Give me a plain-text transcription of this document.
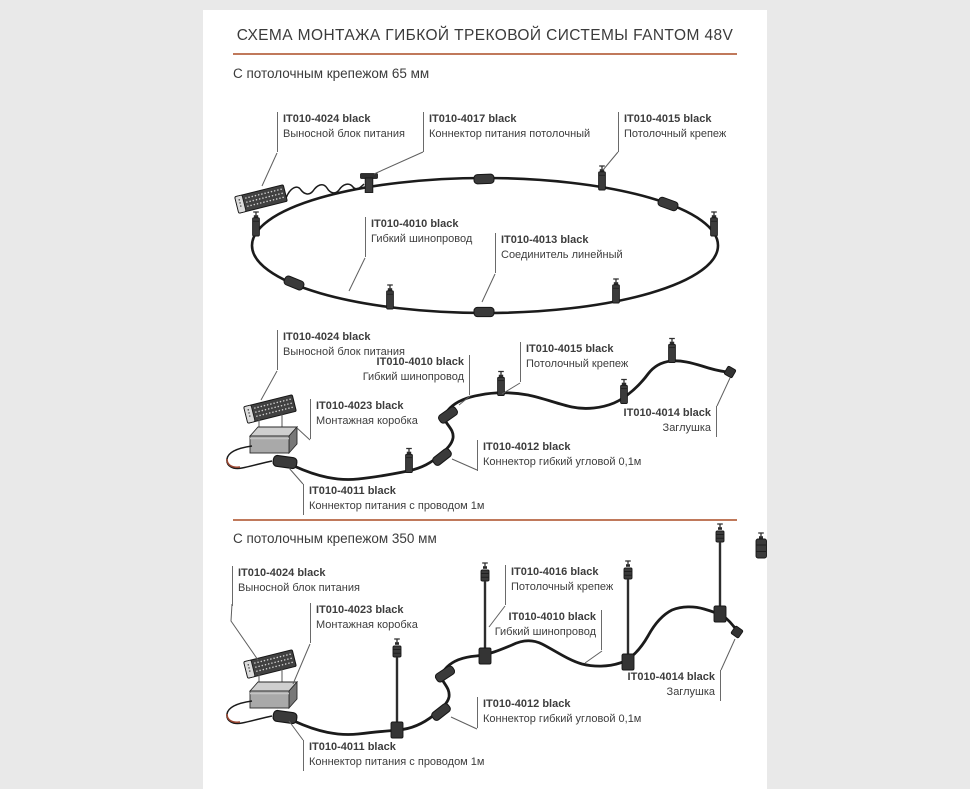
СХЕМА МОНТАЖА ГИБКОЙ ТРЕКОВОЙ СИСТЕМЫ FANTOM 48V
С потолочным крепежом 65 мм
С потолочным крепежом 350 мм
IT010-4024 black
Выносной блок питания
IT010-4017 black
Коннектор питания потолочный
IT010-4015 black
Потолочный крепеж
IT010-4010 black
Гибкий шинопровод	IT010-4013 black
Соединитель линейный
IT010-4024 black
Выносной блок питания
IT010-4010 black
Гибкий шинопровод
IT010-4015 black
Потолочный крепеж
IT010-4023 black
Монтажная коробка
IT010-4014 black
Заглушка
IT010-4012 black
Коннектор гибкий угловой 0,1м
IT010-4011 black
Коннектор питания с проводом 1м
IT010-4024 black
Выносной блок питания
IT010-4023 black
Монтажная коробка
IT010-4016 black
Потолочный крепеж
IT010-4010 black
Гибкий шинопровод
IT010-4014 black
Заглушка
IT010-4012 black
Коннектор гибкий угловой 0,1м
IT010-4011 black
Коннектор питания с проводом 1м
